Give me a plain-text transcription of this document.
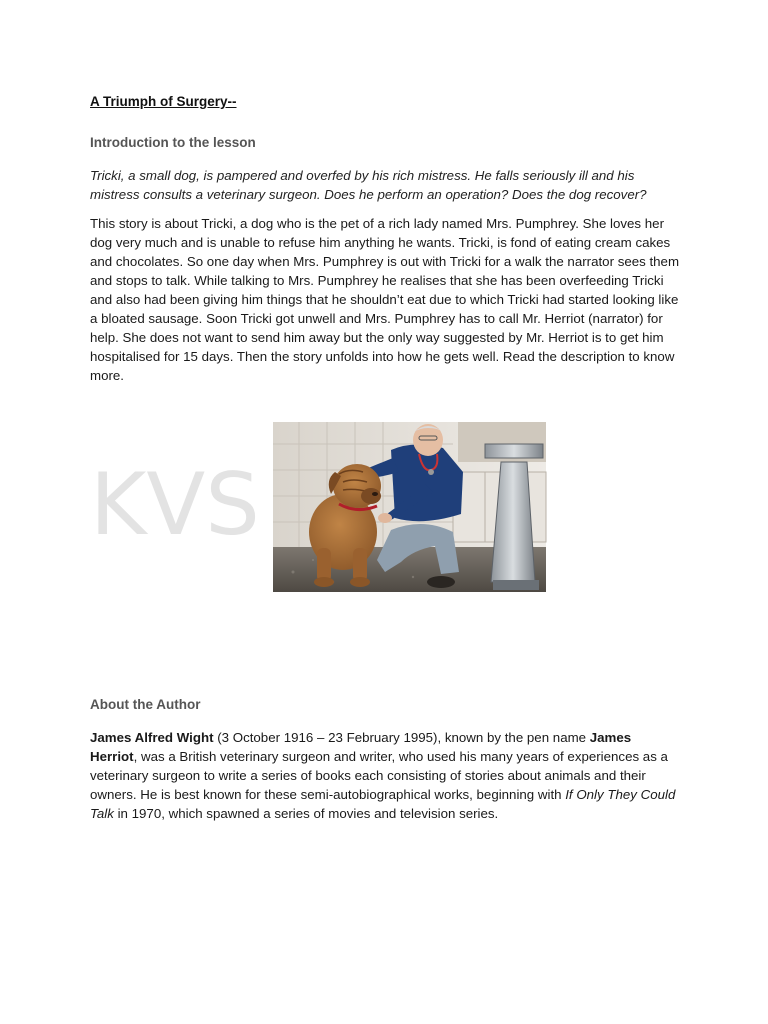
A Triumph of Surgery--
Introduction to the lesson

Tricki, a small dog, is pampered and overfed by his rich mistress. He falls seriously ill and his mistress consults a veterinary surgeon. Does he perform an operation? Does the dog recover?

This story is about Tricki, a dog who is the pet of a rich lady named Mrs. Pumphrey. She loves her dog very much and is unable to refuse him anything he wants. Tricki, is fond of eating cream cakes and chocolates. So one day when Mrs. Pumphrey is out with Tricki for a walk the narrator sees them and stops to talk. While talking to Mrs. Pumphrey he realises that she has been overfeeding Tricki and also had been giving him things that he shouldn’t eat due to which Tricki had started looking like a bloated sausage. Soon Tricki got unwell and Mrs. Pumphrey has to call Mr. Herriot (narrator) for help. She does not want to send him away but the only way suggested by Mr. Herriot is to get him hospitalised for 15 days. Then the story unfolds into how he gets well. Read the description to know more.

KVS
About the Author

James Alfred Wight (3 October 1916 – 23 February 1995), known by the pen name James Herriot, was a British veterinary surgeon and writer, who used his many years of experiences as a veterinary surgeon to write a series of books each consisting of stories about animals and their owners. He is best known for these semi-autobiographical works, beginning with If Only They Could Talk in 1970, which spawned a series of movies and television series.
